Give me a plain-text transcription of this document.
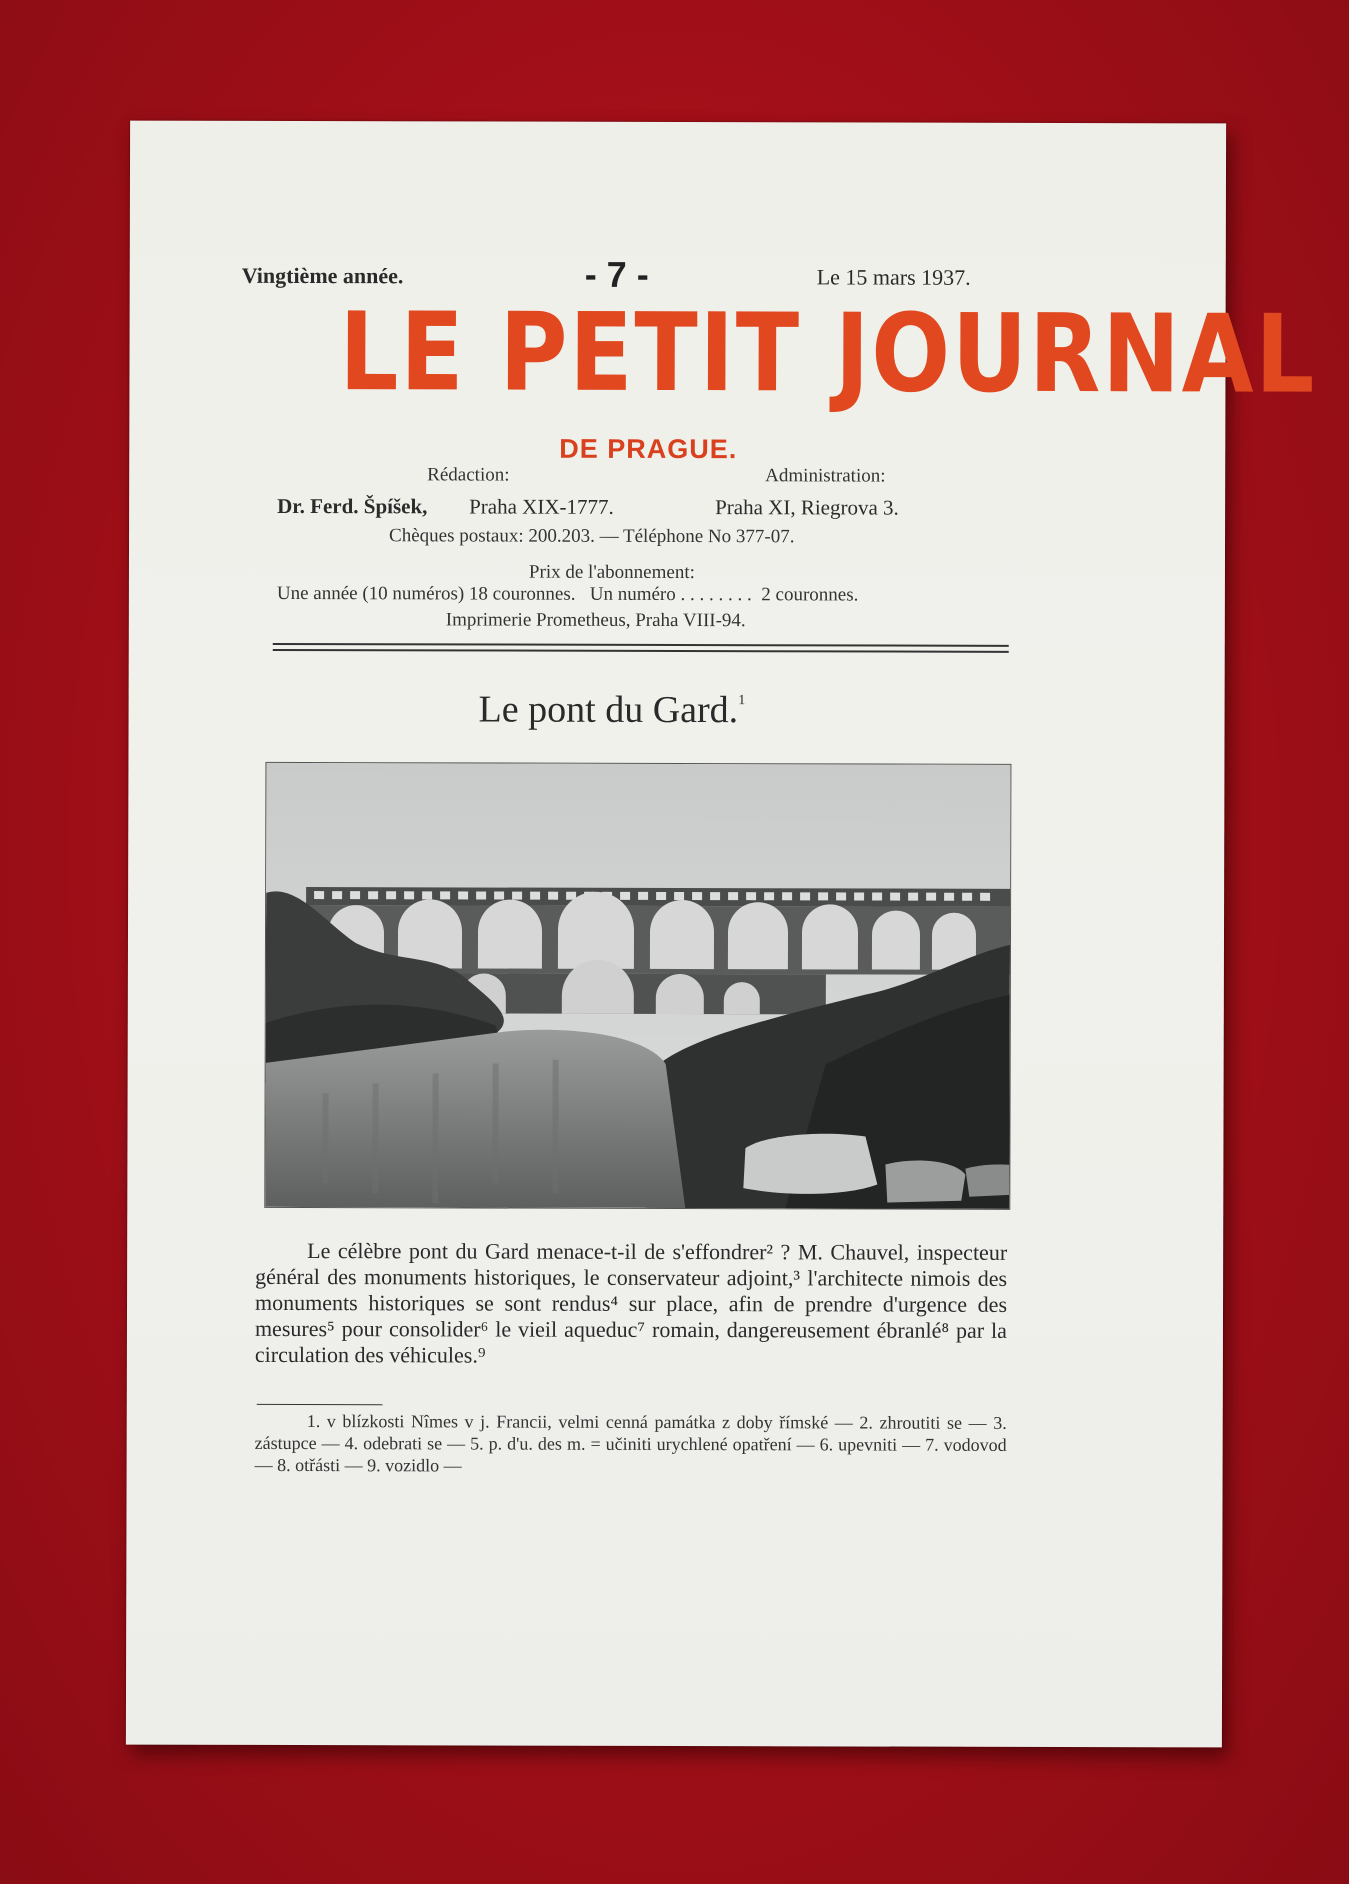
Vingtième année.	- 7 -	Le 15 mars 1937.
LE PETIT JOURNAL
DE PRAGUE.
Rédaction:	Administration:
Dr. Ferd. Špíšek, Praha XIX-1777.	Praha XI, Riegrova 3.
Chèques postaux: 200.203. — Téléphone No 377-07.
Prix de l'abonnement:
Une année (10 numéros) 18 couronnes.   Un numéro . . . . . . . .  2 couronnes.
Imprimerie Prometheus, Praha VIII-94.
Le pont du Gard.$^1$

Le célèbre pont du Gard menace-t-il de s'effondrer² ? M. Chauvel, inspecteur général des monuments historiques, le conservateur adjoint,³ l'architecte nimois des monuments historiques se sont rendus⁴ sur place, afin de prendre d'urgence des mesures⁵ pour consolider⁶ le vieil aqueduc⁷ romain, dangereusement ébranlé⁸ par la circulation des véhicules.⁹

1. v blízkosti Nîmes v j. Francii, velmi cenná památka z doby římské — 2. zhroutiti se — 3. zástupce — 4. odebrati se — 5. p. d'u. des m. = učiniti urychlené opatření — 6. upevniti — 7. vodovod — 8. otřásti — 9. vozidlo —
